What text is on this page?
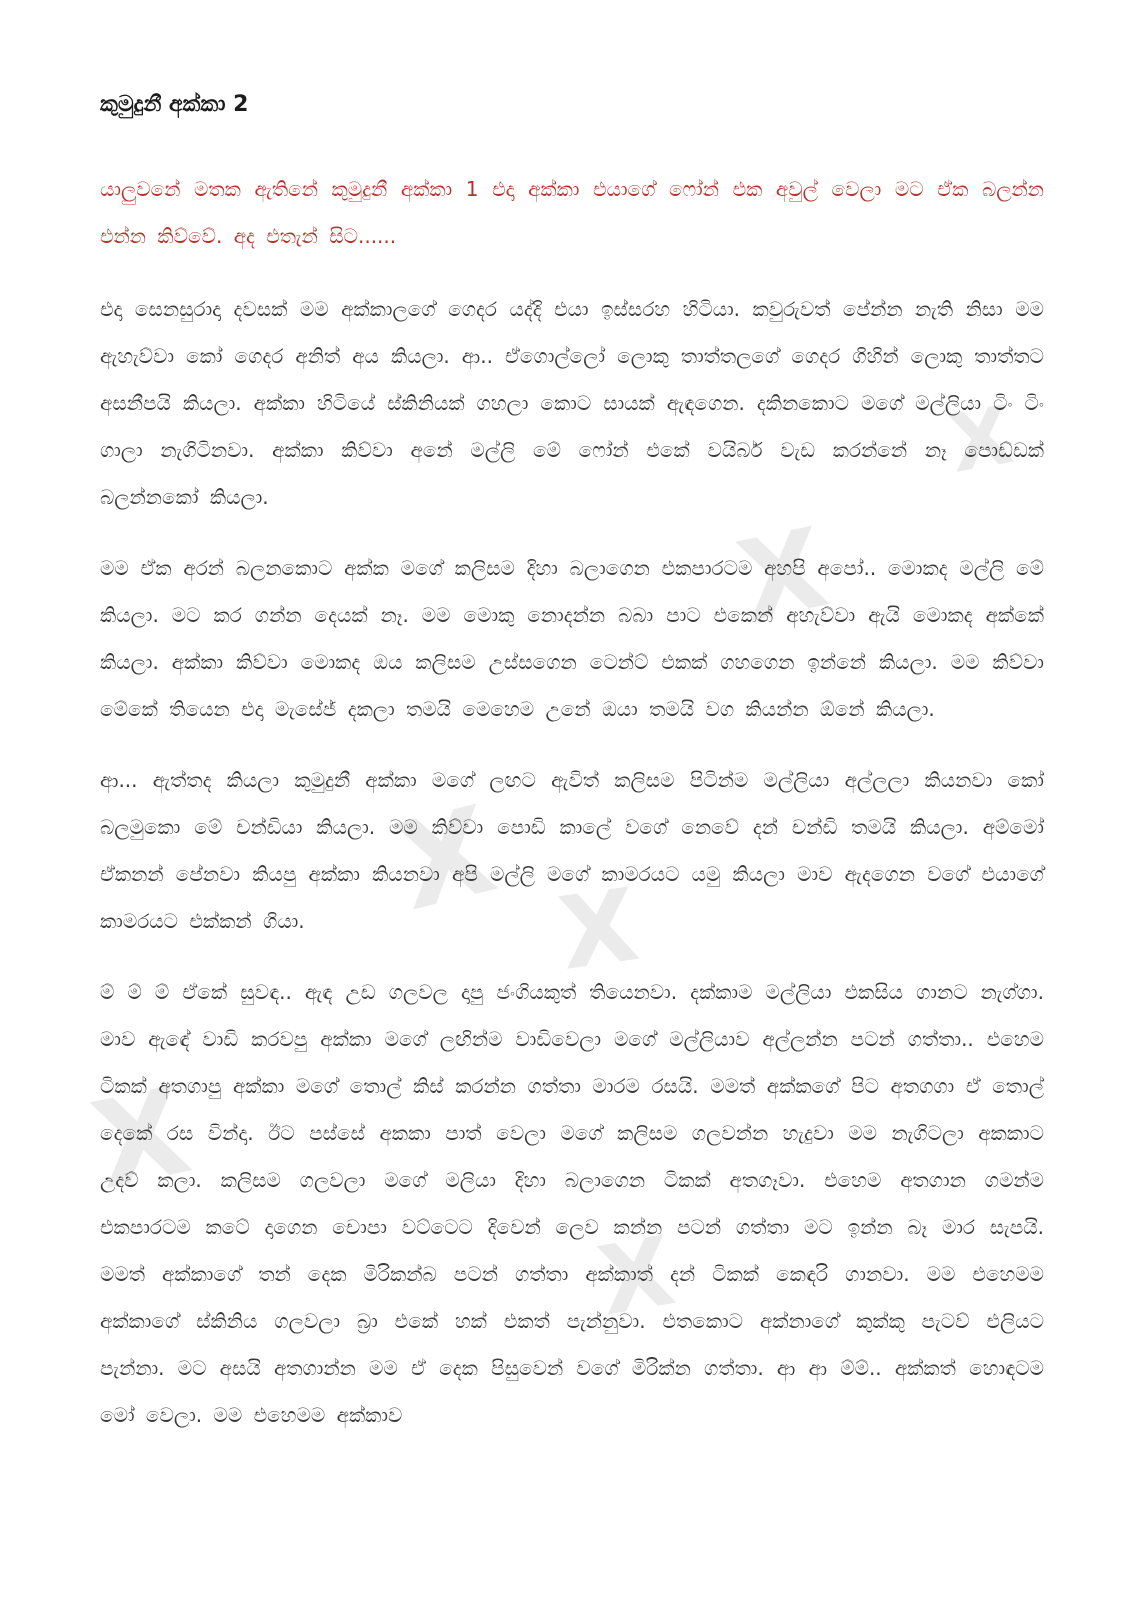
X
X
X X
X
X
කුමුදුනී අක්කා 2

යාලුවනේ මතක ඇතිනේ කුමුදුනී අක්කා 1 එදා අක්කා එයාගේ ෆෝන් එක අවුල් වෙලා මට ඒක බලන්න එන්න කිව්වේ. අද එතැන් සිට......

එදා සෙනසුරාදා දවසක් මම අක්කාලගේ ගෙදර යද්දි එයා ඉස්සරහ හිටියා. කවුරුවත් පේන්න නැති නිසා මම ඇහැව්වා කෝ ගෙදර අනිත් අය කියලා. ආ.. ඒගොල්ලෝ ලොකු තාත්තලගේ ගෙදර ගිහින් ලොකු තාත්තට අසනීපයි කියලා. අක්කා හිටියේ ස්කිනියක් ගහලා කොට සායක් ඇඳගෙන. දකිනකොට මගේ මල්ලියා ටිං ටිං ගාලා නැගිටිනවා. අක්කා කිව්වා අනේ මල්ලි මේ ෆෝන් එකේ වයිබර් වැඩ කරන්නේ නෑ පොඩ්ඩක් බලන්නකෝ කියලා.

මම ඒක අරන් බලනකොට අක්ක මගේ කලිසම දිහා බලාගෙන එකපාරටම අහපි අපෝ.. මොකද මල්ලි මේ කියලා. මට කර ගන්න දෙයක් නෑ. මම මොකු නොදන්න බබා පාට එකෙන් අහැව්වා ඇයි මොකද අක්කේ කියලා. අක්කා කිව්වා මොකද ඔය කලිසම උස්සගෙන ටෙන්ට් එකක් ගහගෙන ඉන්නේ කියලා. මම කිව්වා මේකේ තියෙන එදා මැසේජ් දකලා තමයි මෙහෙම උනේ ඔයා තමයි වග කියන්න ඕනේ කියලා.

ආ... ඇත්තද කියලා කුමුදුනී අක්කා මගේ ලඟට ඇවිත් කලිසම පිටින්ම මල්ලියා අල්ලලා කියනවා කෝ බලමුකො මේ චන්ඩියා කියලා. මම කිව්වා පොඩි කාලේ වගේ නෙවේ දන් චන්ඩි තමයි කියලා. අම්මෝ ඒකනන් පේනවා කියපු අක්කා කියනවා අපි මල්ලි මගේ කාමරයට යමු කියලා මාව ඇදගෙන වගේ එයාගේ කාමරයට එක්කන් ගියා.

ම් ම් ම් ඒකේ සුවඳ.. ඇඳ උඩ ගලවල දාපු ජංගියකුත් තියෙනවා. දක්කාම මල්ලියා එකසිය ගානට නැග්ගා. මාව ඇඳේ වාඩි කරවපු අක්කා මගේ ලඟින්ම වාඩිවෙලා මගේ මල්ලියාව අල්ලන්න පටන් ගත්තා.. එහෙම ටිකක් අතගාපු අක්කා මගේ තොල් කිස් කරන්න ගත්තා මාරම රසයි. මමත් අක්කගේ පිට අතගගා ඒ තොල් දෙකේ රස වින්දා. ඊට පස්සේ අකකා පාත් වෙලා මගේ කලිසම ගලවන්න හැදුවා මම නැගිටලා අකකාට උදව් කලා. කලිසම ගලවලා මගේ මලියා දිහා බලාගෙන ටිකක් අතගෑවා. එහෙම අතගාන ගමන්ම එකපාරටම කටේ දාගෙන චොපා වට්ටෙට දිවෙන් ලෙව කන්න පටන් ගත්තා මට ඉන්න බෑ මාර සැපයි. මමත් අක්කාගේ තන් දෙක මිරිකන්බ පටන් ගත්තා අක්කාත් දන් ටිකක් කෙඳරි ගානවා. මම එහෙමම අක්කාගේ ස්කිනිය ගලවලා බ්‍රා එකේ හක් එකත් පැන්නුවා. එතකොට අක්නාගේ කුක්කු පැටව් එලියට පැන්නා. මට අසයි අතගාන්න මම ඒ දෙක පිසුවෙන් වගේ මිරික්න ගත්තා. ආ ආ ම්ම්.. අක්කත් හොඳටම මෝ වෙලා. මම එහෙමම අක්කාව
